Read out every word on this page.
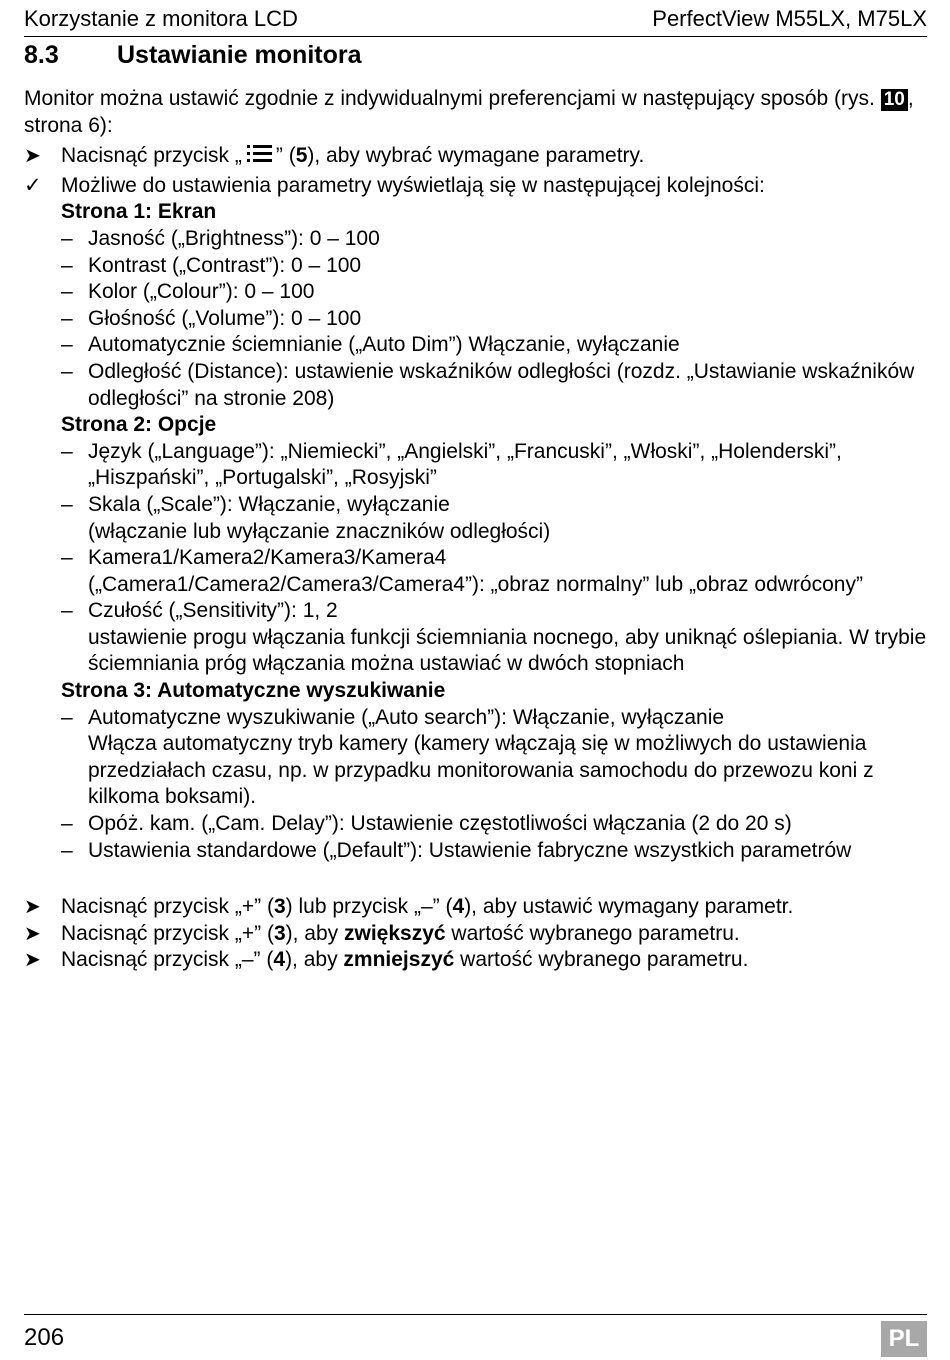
Korzystanie z monitora LCD	PerfectView M55LX, M75LX
8.3 Ustawianie monitora

Monitor można ustawić zgodnie z indywidualnymi preferencjami w następujący sposób (rys. 10 , strona 6):

➤ Nacisnąć przycisk „ ” (5), aby wybrać wymagane parametry.

✓ Możliwe do ustawienia parametry wyświetlają się w następującej kolejności:

Strona 1: Ekran

– Jasność („Brightness”): 0 – 100
– Kontrast („Contrast”): 0 – 100
– Kolor („Colour”): 0 – 100
– Głośność („Volume”): 0 – 100
– Automatycznie ściemnianie („Auto Dim”) Włączanie, wyłączanie
– Odległość (Distance): ustawienie wskaźników odległości (rozdz. „Ustawianie wskaźników odległości” na stronie 208)

Strona 2: Opcje

– Język („Language”): „Niemiecki”, „Angielski”, „Francuski”, „Włoski”, „Holenderski”, „Hiszpański”, „Portugalski”, „Rosyjski”
– Skala („Scale”): Włączanie, wyłączanie
(włączanie lub wyłączanie znaczników odległości)
– Kamera1/Kamera2/Kamera3/Kamera4
(„Camera1/Camera2/Camera3/Camera4”): „obraz normalny” lub „obraz odwrócony”
– Czułość („Sensitivity”): 1, 2
ustawienie progu włączania funkcji ściemniania nocnego, aby uniknąć oślepiania. W trybie ściemniania próg włączania można ustawiać w dwóch stopniach

Strona 3: Automatyczne wyszukiwanie

– Automatyczne wyszukiwanie („Auto search”): Włączanie, wyłączanie
Włącza automatyczny tryb kamery (kamery włączają się w możliwych do ustawienia przedziałach czasu, np. w przypadku monitorowania samochodu do przewozu koni z kilkoma boksami).
– Opóż. kam. („Cam. Delay”): Ustawienie częstotliwości włączania (2 do 20 s)
– Ustawienia standardowe („Default”): Ustawienie fabryczne wszystkich parametrów

➤ Nacisnąć przycisk „+” (3) lub przycisk „–” (4), aby ustawić wymagany parametr.

➤ Nacisnąć przycisk „+” (3), aby zwiększyć wartość wybranego parametru.

➤ Nacisnąć przycisk „–” (4), aby zmniejszyć wartość wybranego parametru.

206	PL
